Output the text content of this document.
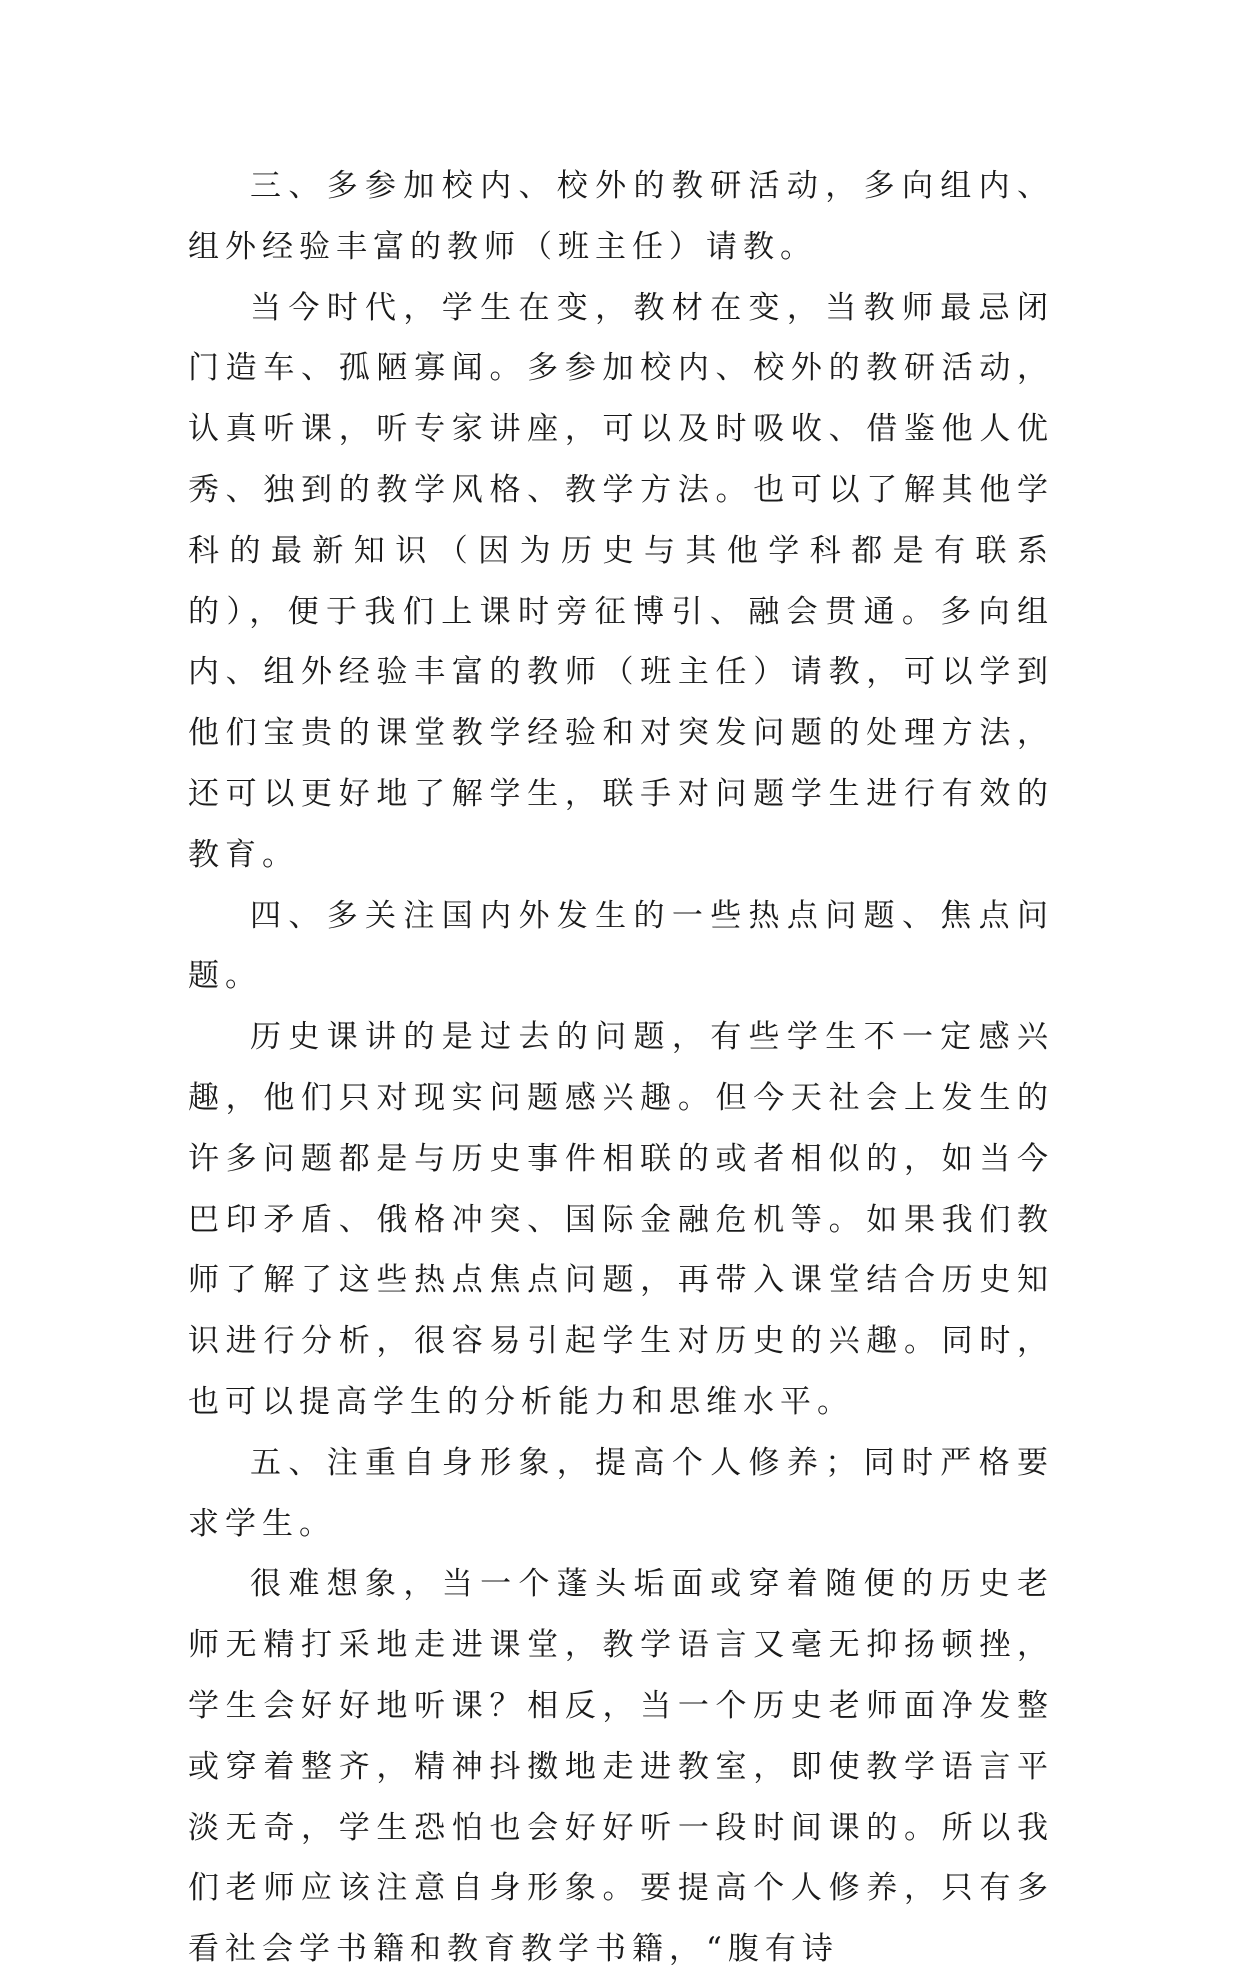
三、多参加校内、校外的教研活动，多向组内、组外经验丰富的教师（班主任）请教。

当今时代，学生在变，教材在变，当教师最忌闭门造车、孤陋寡闻。多参加校内、校外的教研活动，认真听课，听专家讲座，可以及时吸收、借鉴他人优秀、独到的教学风格、教学方法。也可以了解其他学科的最新知识（因为历史与其他学科都是有联系的），便于我们上课时旁征博引、融会贯通。多向组内、组外经验丰富的教师（班主任）请教，可以学到他们宝贵的课堂教学经验和对突发问题的处理方法，还可以更好地了解学生，联手对问题学生进行有效的教育。

四、多关注国内外发生的一些热点问题、焦点问题。

历史课讲的是过去的问题，有些学生不一定感兴趣，他们只对现实问题感兴趣。但今天社会上发生的许多问题都是与历史事件相联的或者相似的，如当今巴印矛盾、俄格冲突、国际金融危机等。如果我们教师了解了这些热点焦点问题，再带入课堂结合历史知识进行分析，很容易引起学生对历史的兴趣。同时，也可以提高学生的分析能力和思维水平。

五、注重自身形象，提高个人修养；同时严格要求学生。

很难想象，当一个蓬头垢面或穿着随便的历史老师无精打采地走进课堂，教学语言又毫无抑扬顿挫，学生会好好地听课？相反，当一个历史老师面净发整或穿着整齐，精神抖擞地走进教室，即使教学语言平淡无奇，学生恐怕也会好好听一段时间课的。所以我们老师应该注意自身形象。要提高个人修养，只有多看社会学书籍和教育教学书籍，“腹有诗
